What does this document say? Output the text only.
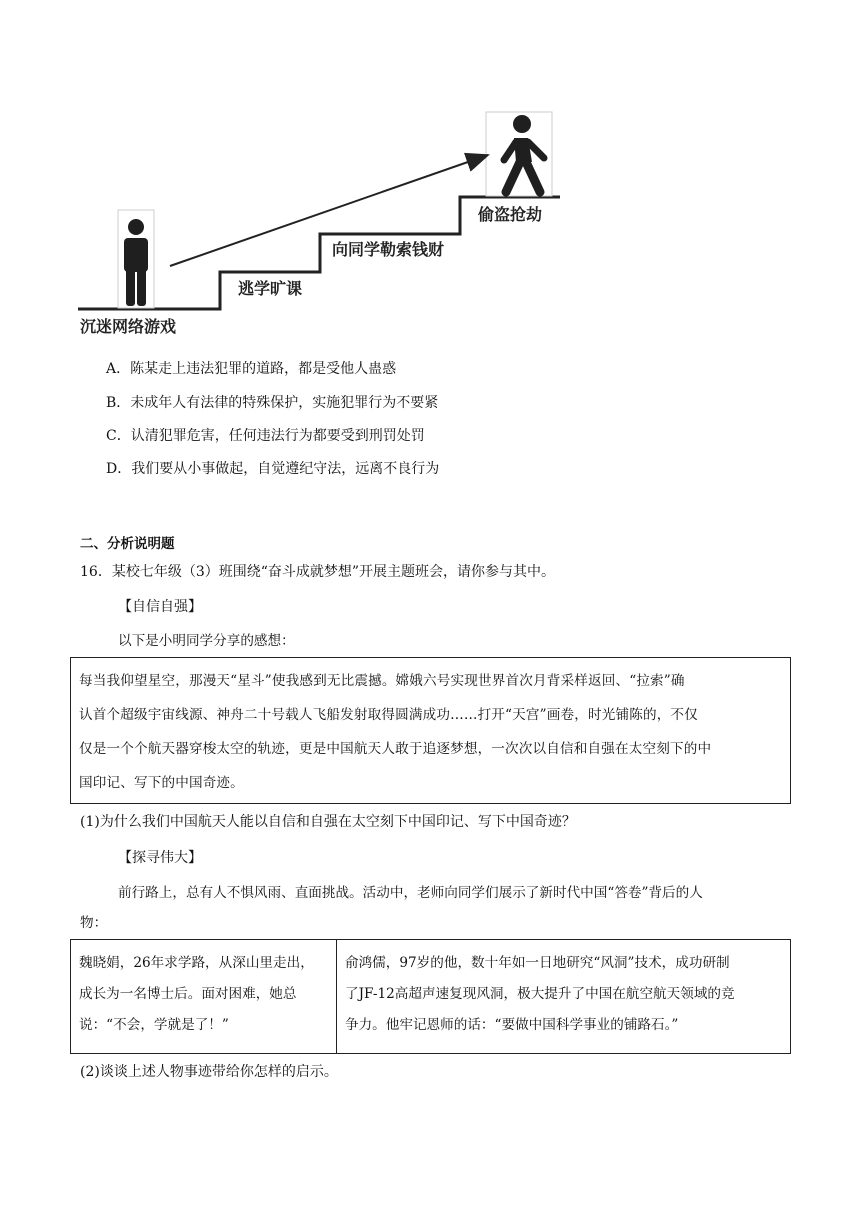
沉迷网络游戏
逃学旷课
向同学勒索钱财
偷盗抢劫
A．陈某走上违法犯罪的道路，都是受他人蛊惑
B．未成年人有法律的特殊保护，实施犯罪行为不要紧
C．认清犯罪危害，任何违法行为都要受到刑罚处罚
D．我们要从小事做起，自觉遵纪守法，远离不良行为
二、分析说明题
16．某校七年级（3）班围绕“奋斗成就梦想”开展主题班会，请你参与其中。
【自信自强】
以下是小明同学分享的感想：
每当我仰望星空，那漫天“星斗”使我感到无比震撼。嫦娥六号实现世界首次月背采样返回、“拉索”确
认首个超级宇宙线源、神舟二十号载人飞船发射取得圆满成功……打开“天宫”画卷，时光铺陈的，不仅
仅是一个个航天器穿梭太空的轨迹，更是中国航天人敢于追逐梦想，一次次以自信和自强在太空刻下的中
国印记、写下的中国奇迹。
(1)为什么我们中国航天人能以自信和自强在太空刻下中国印记、写下中国奇迹？
【探寻伟大】
前行路上，总有人不惧风雨、直面挑战。活动中，老师向同学们展示了新时代中国“答卷”背后的人
物：
魏晓娟，26年求学路，从深山里走出，
成长为一名博士后。面对困难，她总
说：“不会，学就是了！”
俞鸿儒，97岁的他，数十年如一日地研究“风洞”技术，成功研制
了JF-12高超声速复现风洞，极大提升了中国在航空航天领域的竞
争力。他牢记恩师的话：“要做中国科学事业的铺路石。”
(2)谈谈上述人物事迹带给你怎样的启示。
